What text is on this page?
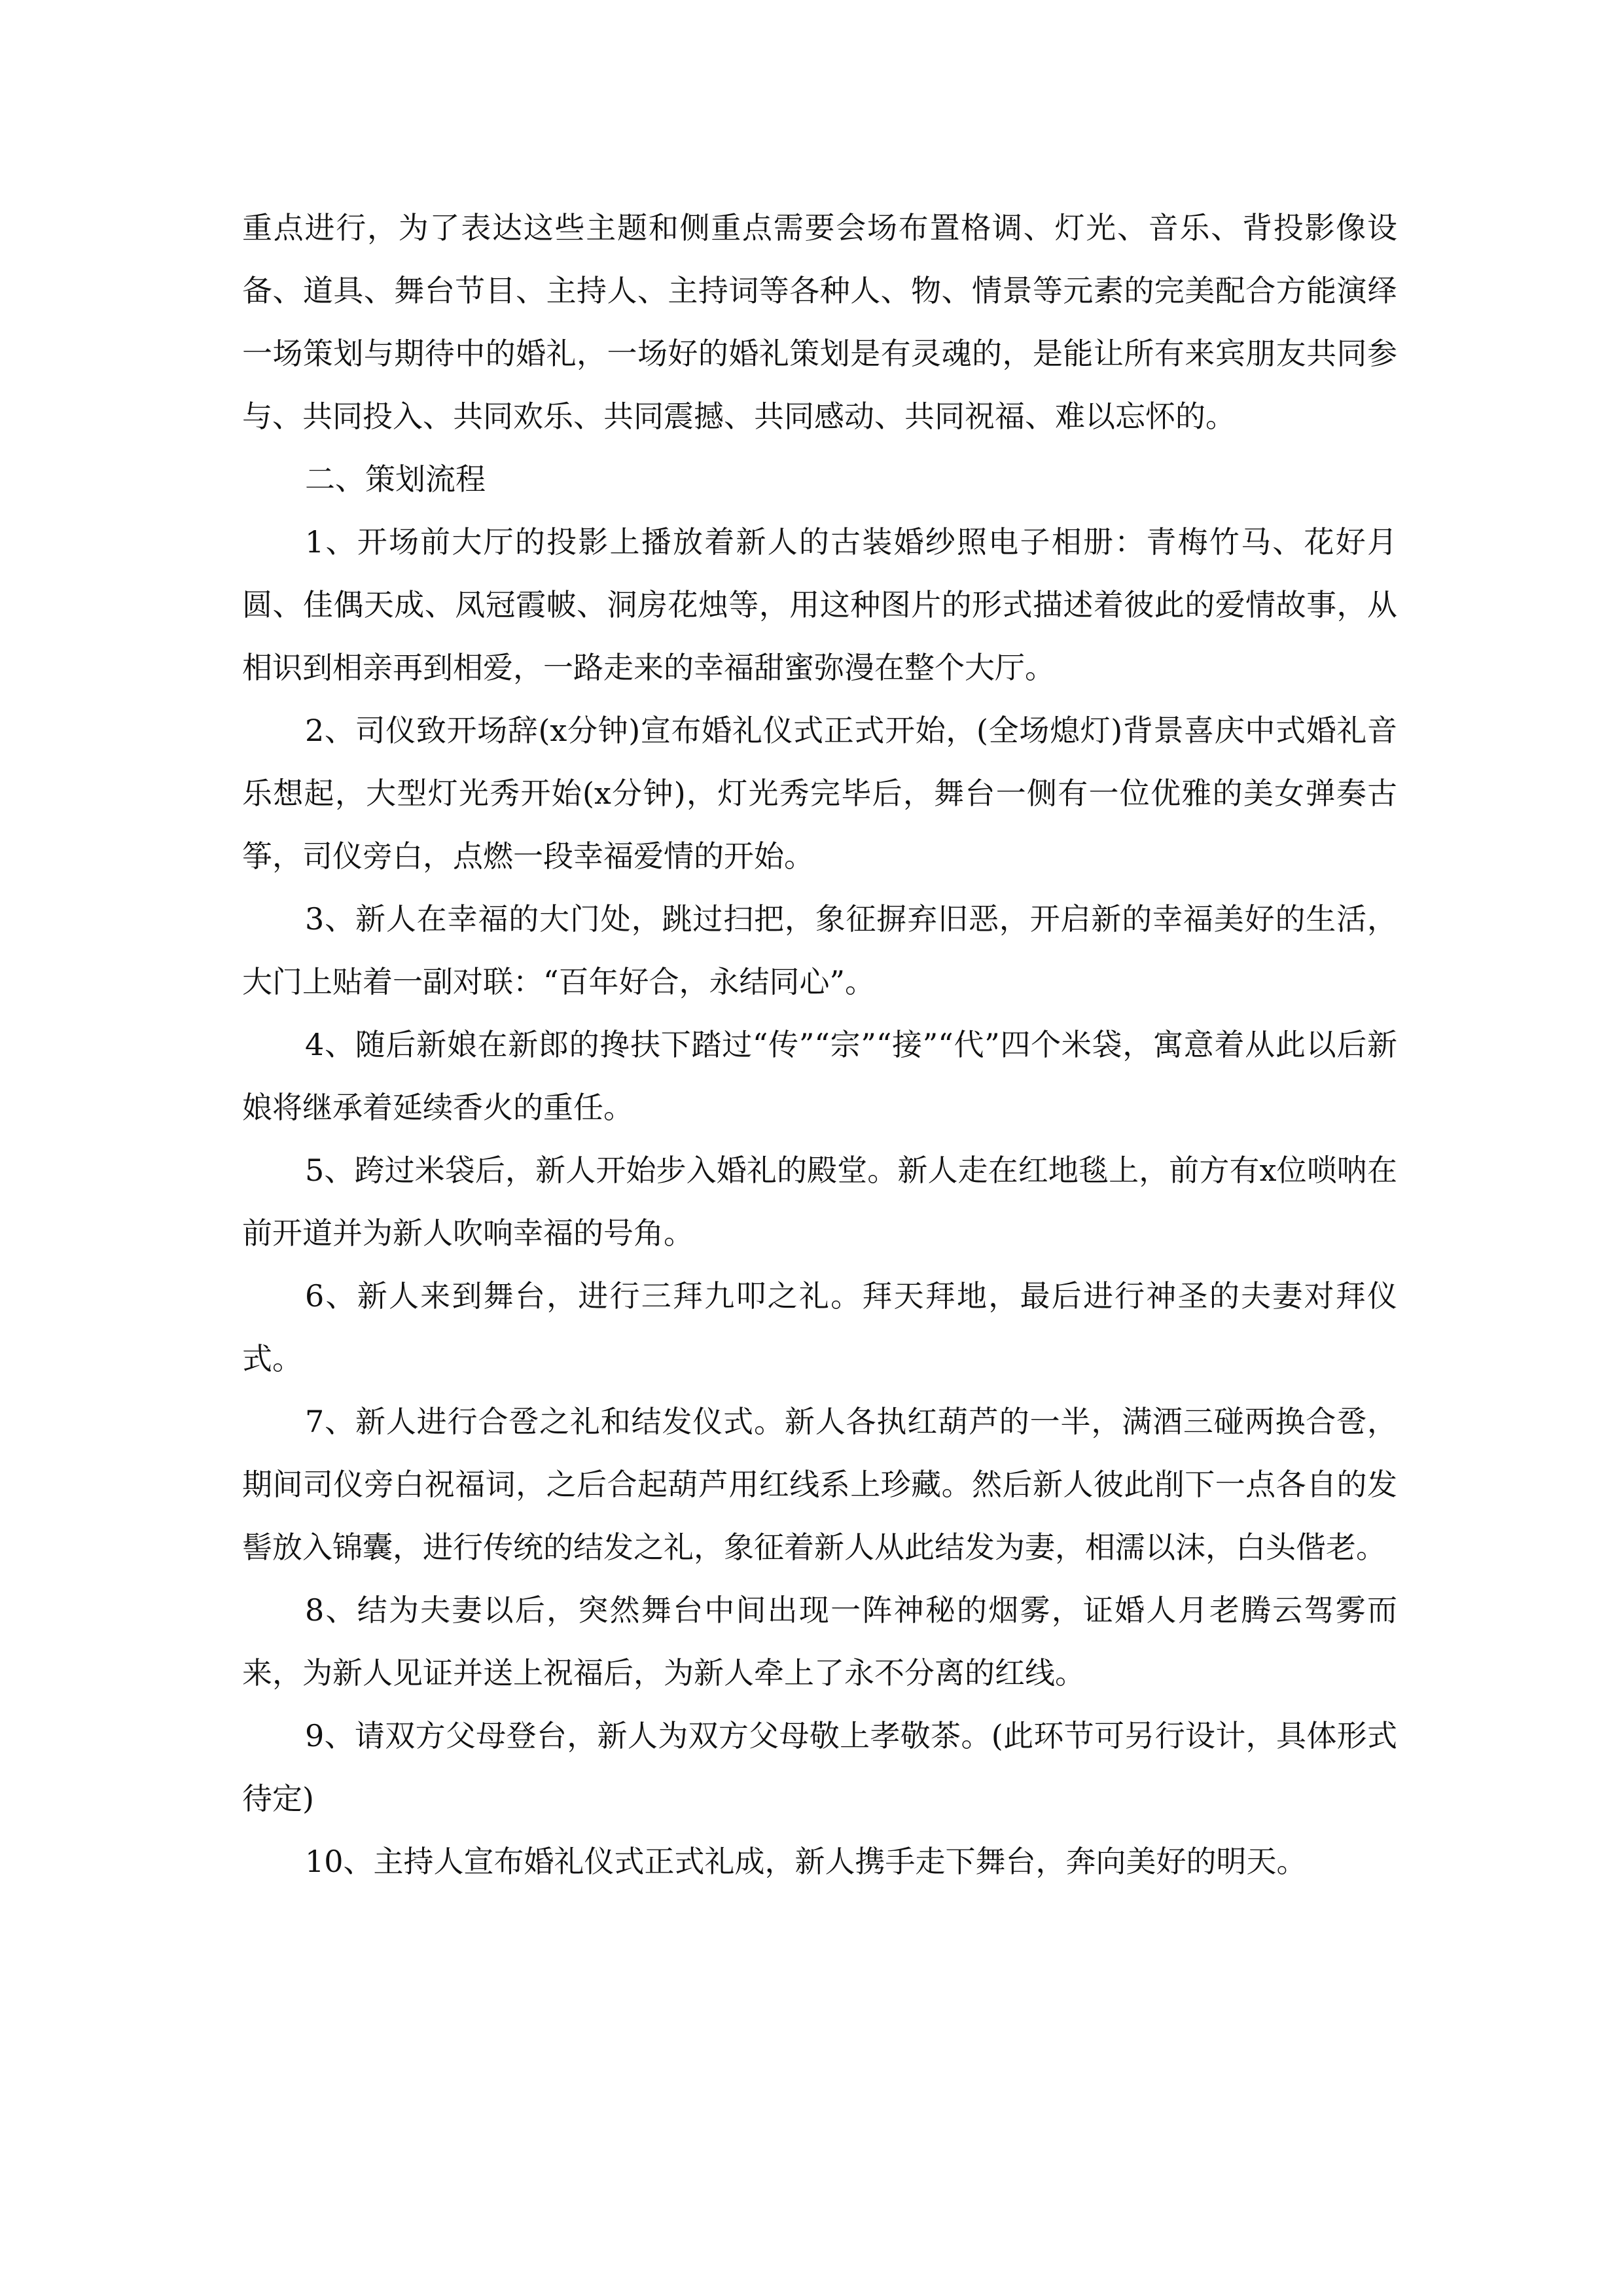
重点进行，为了表达这些主题和侧重点需要会场布置格调、灯光、音乐、背投影像设备、道具、舞台节目、主持人、主持词等各种人、物、情景等元素的完美配合方能演绎一场策划与期待中的婚礼，一场好的婚礼策划是有灵魂的，是能让所有来宾朋友共同参与、共同投入、共同欢乐、共同震撼、共同感动、共同祝福、难以忘怀的。

二、策划流程

1、开场前大厅的投影上播放着新人的古装婚纱照电子相册：青梅竹马、花好月圆、佳偶天成、凤冠霞帔、洞房花烛等，用这种图片的形式描述着彼此的爱情故事，从相识到相亲再到相爱，一路走来的幸福甜蜜弥漫在整个大厅。

2、司仪致开场辞(x分钟)宣布婚礼仪式正式开始，(全场熄灯)背景喜庆中式婚礼音乐想起，大型灯光秀开始(x分钟)，灯光秀完毕后，舞台一侧有一位优雅的美女弹奏古筝，司仪旁白，点燃一段幸福爱情的开始。

3、新人在幸福的大门处，跳过扫把，象征摒弃旧恶，开启新的幸福美好的生活，大门上贴着一副对联：“百年好合，永结同心”。

4、随后新娘在新郎的搀扶下踏过“传”“宗”“接”“代”四个米袋，寓意着从此以后新娘将继承着延续香火的重任。

5、跨过米袋后，新人开始步入婚礼的殿堂。新人走在红地毯上，前方有x位唢呐在前开道并为新人吹响幸福的号角。

6、新人来到舞台，进行三拜九叩之礼。拜天拜地，最后进行神圣的夫妻对拜仪式。

7、新人进行合卺之礼和结发仪式。新人各执红葫芦的一半，满酒三碰两换合卺，期间司仪旁白祝福词，之后合起葫芦用红线系上珍藏。然后新人彼此削下一点各自的发髻放入锦囊，进行传统的结发之礼，象征着新人从此结发为妻，相濡以沫，白头偕老。

8、结为夫妻以后，突然舞台中间出现一阵神秘的烟雾，证婚人月老腾云驾雾而来，为新人见证并送上祝福后，为新人牵上了永不分离的红线。

9、请双方父母登台，新人为双方父母敬上孝敬茶。(此环节可另行设计，具体形式待定)

10、主持人宣布婚礼仪式正式礼成，新人携手走下舞台，奔向美好的明天。
